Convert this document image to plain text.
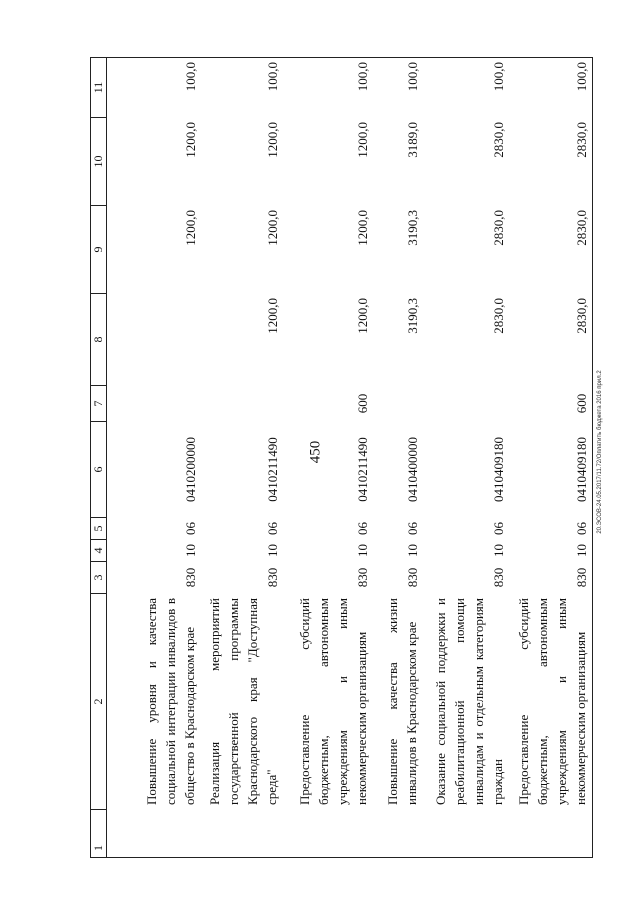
450	20.ЭСОВ-24.05.2017/11.72/Оплатить бюджета 2016 прил.2
1	2	3	4	5	6	7	8	9	10	11
	Повышение уровня и качества социальной интеграции инвалидов в общество в Краснодарском крае	830	10	06	0410200000			1200,0	1200,0	100,0
	Реализация мероприятий государственной программы Краснодарского края "Доступная среда"	830	10	06	0410211490		1200,0	1200,0	1200,0	100,0
	Предоставление субсидий бюджетным, автономным учреждениям и иным некоммерческим организациям	830	10	06	0410211490	600	1200,0	1200,0	1200,0	100,0
	Повышение качества жизни инвалидов в Краснодарском крае	830	10	06	0410400000		3190,3	3190,3	3189,0	100,0
	Оказание социальной поддержки и реабилитационной помощи инвалидам и отдельным категориям граждан	830	10	06	0410409180		2830,0	2830,0	2830,0	100,0
	Предоставление субсидий бюджетным, автономным учреждениям и иным некоммерческим организациям	830	10	06	0410409180	600	2830,0	2830,0	2830,0	100,0
